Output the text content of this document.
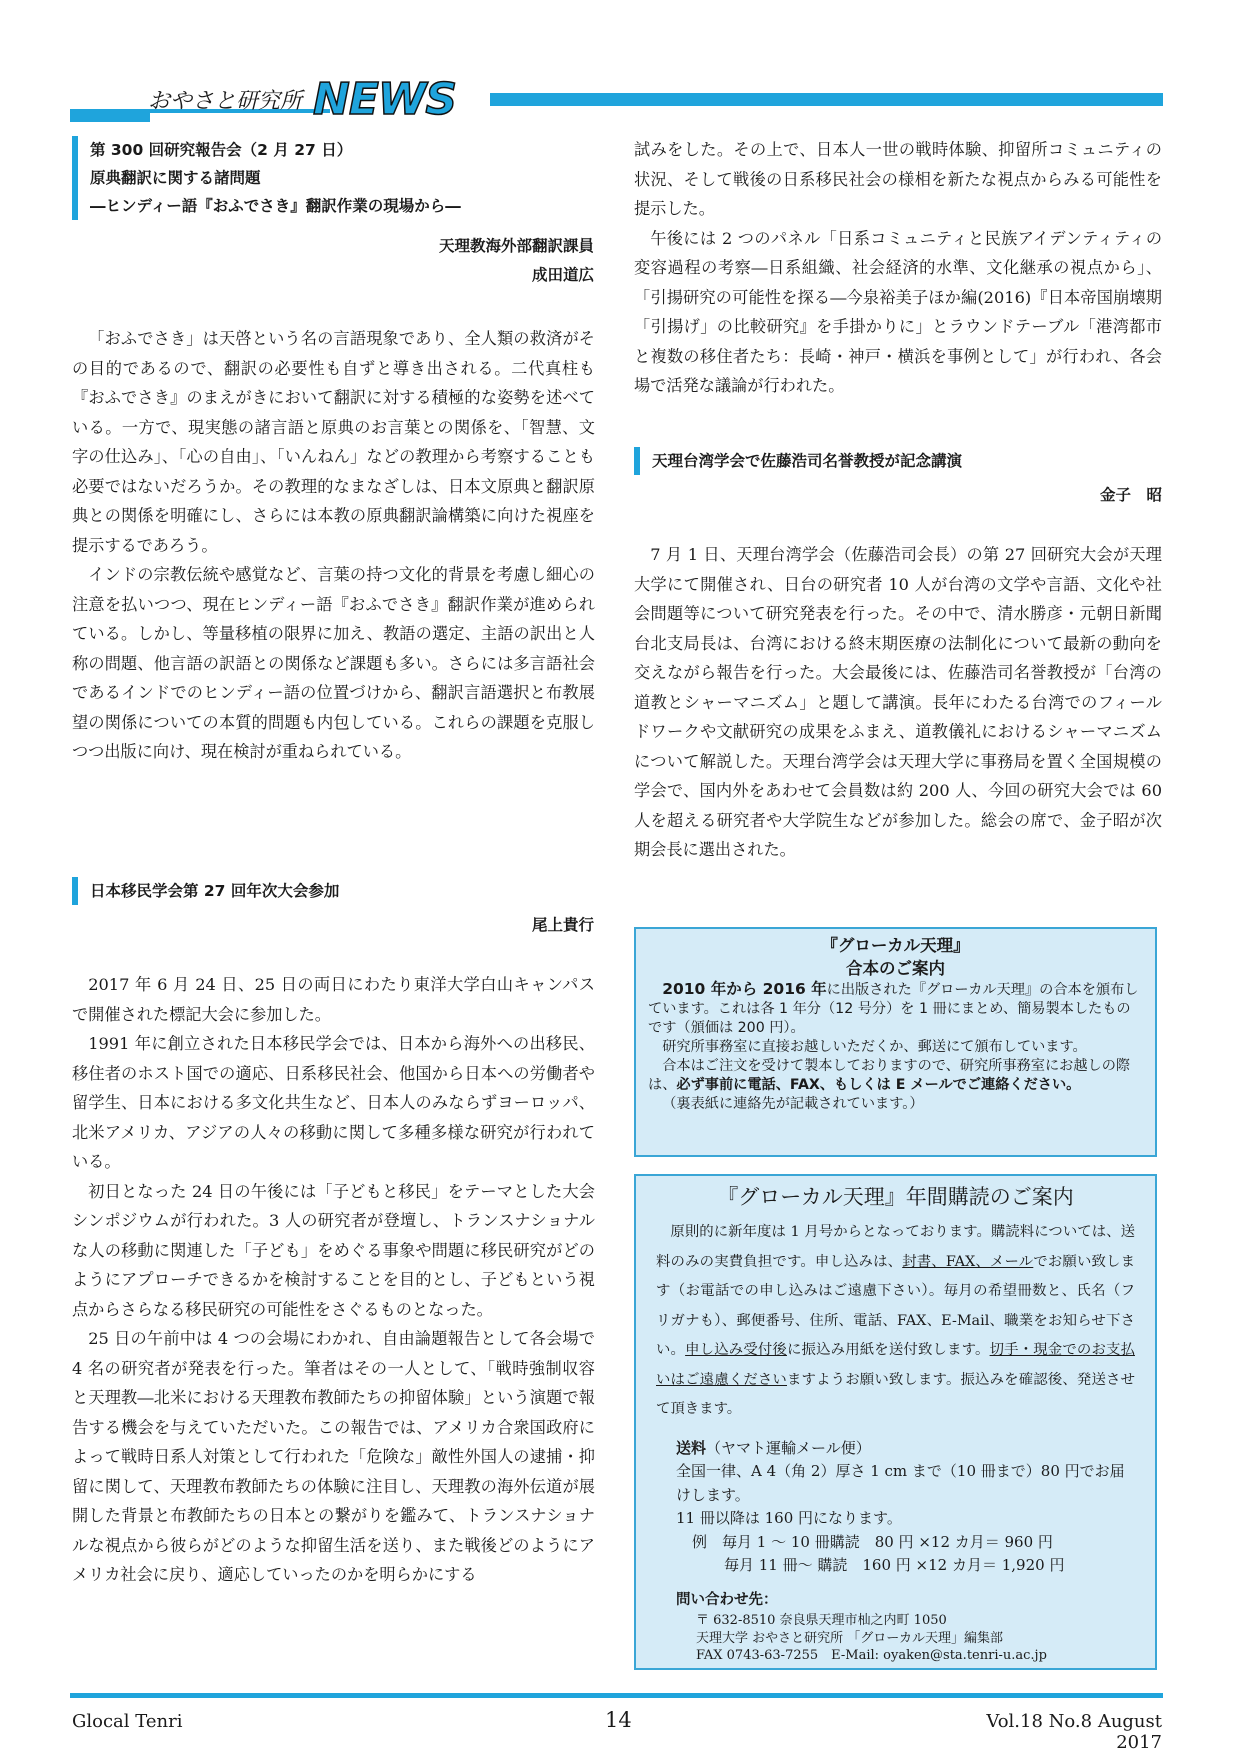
おやさと研究所 NEWS
第 300 回研究報告会（2 月 27 日）
原典翻訳に関する諸問題
―ヒンディー語『おふでさき』翻訳作業の現場から―
天理教海外部翻訳課員
成田道広

「おふでさき」は天啓という名の言語現象であり、全人類の救済がその目的であるので、翻訳の必要性も自ずと導き出される。二代真柱も『おふでさき』のまえがきにおいて翻訳に対する積極的な姿勢を述べている。一方で、現実態の諸言語と原典のお言葉との関係を、「智慧、文字の仕込み」、「心の自由」、「いんねん」などの教理から考察することも必要ではないだろうか。その教理的なまなざしは、日本文原典と翻訳原典との関係を明確にし、さらには本教の原典翻訳論構築に向けた視座を提示するであろう。

インドの宗教伝統や感覚など、言葉の持つ文化的背景を考慮し細心の注意を払いつつ、現在ヒンディー語『おふでさき』翻訳作業が進められている。しかし、等量移植の限界に加え、教語の選定、主語の訳出と人称の問題、他言語の訳語との関係など課題も多い。さらには多言語社会であるインドでのヒンディー語の位置づけから、翻訳言語選択と布教展望の関係についての本質的問題も内包している。これらの課題を克服しつつ出版に向け、現在検討が重ねられている。

日本移民学会第 27 回年次大会参加
尾上貴行

2017 年 6 月 24 日、25 日の両日にわたり東洋大学白山キャンパスで開催された標記大会に参加した。

1991 年に創立された日本移民学会では、日本から海外への出移民、移住者のホスト国での適応、日系移民社会、他国から日本への労働者や留学生、日本における多文化共生など、日本人のみならずヨーロッパ、北米アメリカ、アジアの人々の移動に関して多種多様な研究が行われている。

初日となった 24 日の午後には「子どもと移民」をテーマとした大会シンポジウムが行われた。3 人の研究者が登壇し、トランスナショナルな人の移動に関連した「子ども」をめぐる事象や問題に移民研究がどのようにアプローチできるかを検討することを目的とし、子どもという視点からさらなる移民研究の可能性をさぐるものとなった。

25 日の午前中は 4 つの会場にわかれ、自由論題報告として各会場で 4 名の研究者が発表を行った。筆者はその一人として、「戦時強制収容と天理教―北米における天理教布教師たちの抑留体験」という演題で報告する機会を与えていただいた。この報告では、アメリカ合衆国政府によって戦時日系人対策として行われた「危険な」敵性外国人の逮捕・抑留に関して、天理教布教師たちの体験に注目し、天理教の海外伝道が展開した背景と布教師たちの日本との繋がりを鑑みて、トランスナショナルな視点から彼らがどのような抑留生活を送り、また戦後どのようにアメリカ社会に戻り、適応していったのかを明らかにする

試みをした。その上で、日本人一世の戦時体験、抑留所コミュニティの状況、そして戦後の日系移民社会の様相を新たな視点からみる可能性を提示した。

午後には 2 つのパネル「日系コミュニティと民族アイデンティティの変容過程の考察―日系組織、社会経済的水準、文化継承の視点から」、「引揚研究の可能性を探る―今泉裕美子ほか編(2016)『日本帝国崩壊期「引揚げ」の比較研究』を手掛かりに」とラウンドテーブル「港湾都市と複数の移住者たち：長崎・神戸・横浜を事例として」が行われ、各会場で活発な議論が行われた。

天理台湾学会で佐藤浩司名誉教授が記念講演
金子　昭

7 月 1 日、天理台湾学会（佐藤浩司会長）の第 27 回研究大会が天理大学にて開催され、日台の研究者 10 人が台湾の文学や言語、文化や社会問題等について研究発表を行った。その中で、清水勝彦・元朝日新聞台北支局長は、台湾における終末期医療の法制化について最新の動向を交えながら報告を行った。大会最後には、佐藤浩司名誉教授が「台湾の道教とシャーマニズム」と題して講演。長年にわたる台湾でのフィールドワークや文献研究の成果をふまえ、道教儀礼におけるシャーマニズムについて解説した。天理台湾学会は天理大学に事務局を置く全国規模の学会で、国内外をあわせて会員数は約 200 人、今回の研究大会では 60 人を超える研究者や大学院生などが参加した。総会の席で、金子昭が次期会長に選出された。

『グローカル天理』
合本のご案内

2010 年から 2016 年に出版された『グローカル天理』の合本を頒布しています。これは各 1 年分（12 号分）を 1 冊にまとめ、簡易製本したものです（頒価は 200 円）。

研究所事務室に直接お越しいただくか、郵送にて頒布しています。

合本はご注文を受けて製本しておりますので、研究所事務室にお越しの際は、必ず事前に電話、FAX、もしくは E メールでご連絡ください。

（裏表紙に連絡先が記載されています。）

『グローカル天理』年間購読のご案内

原則的に新年度は 1 月号からとなっております。購読料については、送料のみの実費負担です。申し込みは、封書、FAX、メールでお願い致します（お電話での申し込みはご遠慮下さい）。毎月の希望冊数と、氏名（フリガナも）、郵便番号、住所、電話、FAX、E-Mail、職業をお知らせ下さい。申し込み受付後に振込み用紙を送付致します。切手・現金でのお支払いはご遠慮くださいますようお願い致します。振込みを確認後、発送させて頂きます。

送料（ヤマト運輸メール便）

全国一律、A 4（角 2）厚さ 1 cm まで（10 冊まで）80 円でお届けします。

11 冊以降は 160 円になります。

例　毎月 1 ～ 10 冊購読　80 円 ×12 カ月＝ 960 円

毎月 11 冊～ 購読　160 円 ×12 カ月＝ 1,920 円

問い合わせ先：

〒 632-8510 奈良県天理市杣之内町 1050

天理大学 おやさと研究所 「グローカル天理」編集部

FAX 0743-63-7255　E-Mail: oyaken@sta.tenri-u.ac.jp

Glocal Tenri	14	Vol.18 No.8 August 2017
